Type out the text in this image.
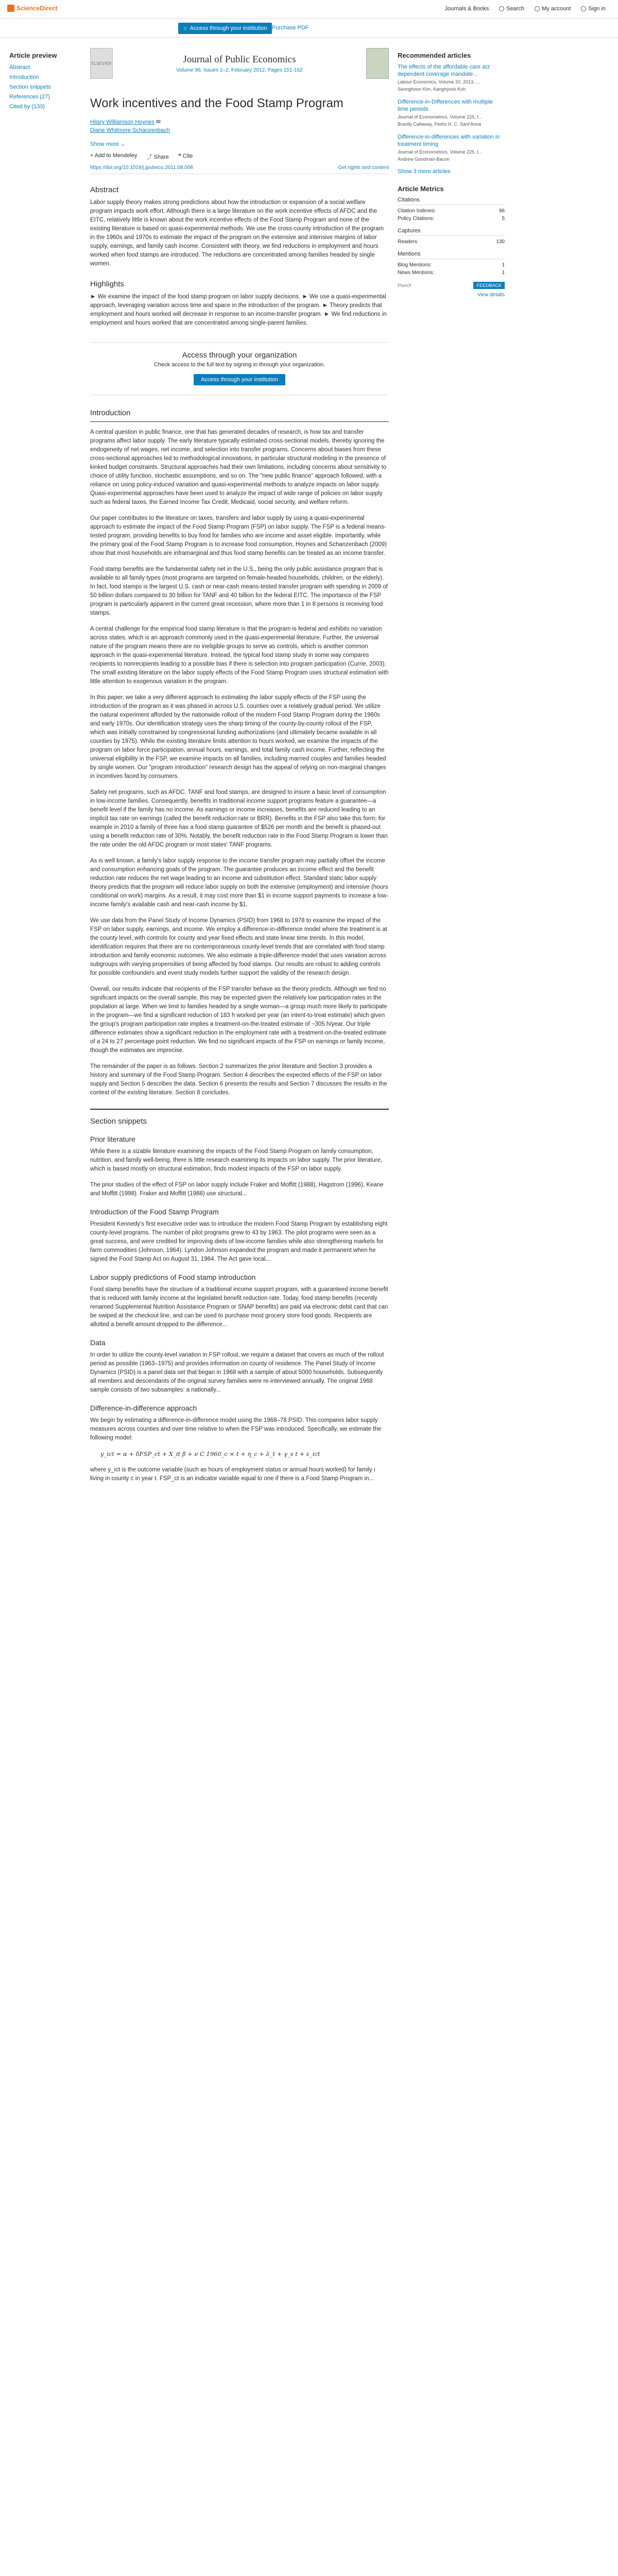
ScienceDirect	Journals & Books	Search	My account	Sign in
⌂ Access through your institution Purchase PDF
Article preview
Abstract
Introduction
Section snippets
References (27)
Cited by (133)
ELSEVIER	Journal of Public Economics
Volume 96, Issues 1–2, February 2012, Pages 151-162
Work incentives and the Food Stamp Program
Hilary Williamson Hoynes ✉
Diane Whitmore Schanzenbach
Show more ⌄
+ Add to Mendeley ⤴ Share ❝ Cite
https://doi.org/10.1016/j.jpubeco.2011.08.006	Get rights and content
Abstract

Labor supply theory makes strong predictions about how the introduction or expansion of a social welfare program impacts work effort. Although there is a large literature on the work incentive effects of AFDC and the EITC, relatively little is known about the work incentive effects of the Food Stamp Program and none of the existing literature is based on quasi-experimental methods. We use the cross-county introduction of the program in the 1960s and 1970s to estimate the impact of the program on the extensive and intensive margins of labor supply, earnings, and family cash income. Consistent with theory, we find reductions in employment and hours worked when food stamps are introduced. The reductions are concentrated among families headed by single women.

Highlights

► We examine the impact of the food stamp program on labor supply decisions. ► We use a quasi-experimental approach, leveraging variation across time and space in the introduction of the program. ► Theory predicts that employment and hours worked will decrease in response to an income-transfer program. ► We find reductions in employment and hours worked that are concentrated among single-parent families.

Access through your organization

Check access to the full text by signing in through your organization.

Access through your institution
Introduction

A central question in public finance, one that has generated decades of research, is how tax and transfer programs affect labor supply. The early literature typically estimated cross-sectional models, thereby ignoring the endogeneity of net wages, net income, and selection into transfer programs. Concerns about biases from these cross-sectional approaches led to methodological innovations, in particular structural modeling in the presence of kinked budget constraints. Structural approaches had their own limitations, including concerns about sensitivity to choice of utility function, stochastic assumptions, and so on. The "new public finance" approach followed, with a reliance on using policy-induced variation and quasi-experimental methods to analyze impacts on labor supply. Quasi-experimental approaches have been used to analyze the impact of wide range of policies on labor supply such as federal taxes, the Earned Income Tax Credit, Medicaid, social security, and welfare reform.

Our paper contributes to the literature on taxes, transfers and labor supply by using a quasi-experimental approach to estimate the impact of the Food Stamp Program (FSP) on labor supply. The FSP is a federal means-tested program, providing benefits to buy food for families who are income and asset eligible. Importantly, while the primary goal of the Food Stamp Program is to increase food consumption, Hoynes and Schanzenbach (2009) show that most households are inframarginal and thus food stamp benefits can be treated as an income transfer.

Food stamp benefits are the fundamental safety net in the U.S., being the only public assistance program that is available to all family types (most programs are targeted on female-headed households, children, or the elderly). In fact, food stamps is the largest U.S. cash or near-cash means-tested transfer program with spending in 2009 of 50 billion dollars compared to 30 billion for TANF and 40 billion for the federal EITC. The importance of the FSP program is particularly apparent in the current great recession, where more than 1 in 8 persons is receiving food stamps.

A central challenge for the empirical food stamp literature is that the program is federal and exhibits no variation across states, which is an approach commonly used in the quasi-experimental literature. Further, the universal nature of the program means there are no ineligible groups to serve as controls, which is another common approach in the quasi-experimental literature. Instead, the typical food stamp study in some way compares recipients to nonrecipients leading to a possible bias if there is selection into program participation (Currie, 2003). The small existing literature on the labor supply effects of the Food Stamp Program uses structural estimation with little attention to exogenous variation in the program.

In this paper, we take a very different approach to estimating the labor supply effects of the FSP using the introduction of the program as it was phased in across U.S. counties over a relatively gradual period. We utilize the natural experiment afforded by the nationwide rollout of the modern Food Stamp Program during the 1960s and early 1970s. Our identification strategy uses the sharp timing of the county-by-county rollout of the FSP, which was initially constrained by congressional funding authorizations (and ultimately became available in all counties by 1975). While the existing literature limits attention to hours worked, we examine the impacts of the program on labor force participation, annual hours, earnings, and total family cash income. Further, reflecting the universal eligibility in the FSP, we examine impacts on all families, including married couples and families headed by single women. Our "program introduction" research design has the appeal of relying on non-marginal changes in incentives faced by consumers.

Safety net programs, such as AFDC, TANF and food stamps, are designed to insure a basic level of consumption in low-income families. Consequently, benefits in traditional income support programs feature a guarantee—a benefit level if the family has no income. As earnings or income increases, benefits are reduced leading to an implicit tax rate on earnings (called the benefit reduction rate or BRR). Benefits in the FSP also take this form; for example in 2010 a family of three has a food stamp guarantee of $526 per month and the benefit is phased-out using a benefit reduction rate of 30%. Notably, the benefit reduction rate in the Food Stamp Program is lower than the rate under the old AFDC program or most states' TANF programs.

As is well known, a family's labor supply response to the income transfer program may partially offset the income and consumption enhancing goals of the program. The guarantee produces an income effect and the benefit reduction rate reduces the net wage leading to an income and substitution effect. Standard static labor supply theory predicts that the program will reduce labor supply on both the extensive (employment) and intensive (hours conditional on work) margins. As a result, it may cost more than $1 in income support payments to increase a low-income family's available cash and near-cash income by $1.

We use data from the Panel Study of Income Dynamics (PSID) from 1968 to 1978 to examine the impact of the FSP on labor supply, earnings, and income. We employ a difference-in-difference model where the treatment is at the county level, with controls for county and year fixed effects and state linear time trends. In this model, identification requires that there are no contemporaneous county-level trends that are correlated with food stamp introduction and family economic outcomes. We also estimate a triple-difference model that uses variation across subgroups with varying propensities of being affected by food stamps. Our results are robust to adding controls for possible confounders and event study models further support the validity of the research design.

Overall, our results indicate that recipients of the FSP transfer behave as the theory predicts. Although we find no significant impacts on the overall sample, this may be expected given the relatively low participation rates in the population at large. When we limit to families headed by a single woman—a group much more likely to participate in the program—we find a significant reduction of 183 h worked per year (an intent-to-treat estimate) which given the group's program participation rate implies a treatment-on-the-treated estimate of −305 h/year. Our triple difference estimates show a significant reduction in the employment rate with a treatment-on-the-treated estimate of a 24 to 27 percentage point reduction. We find no significant impacts of the FSP on earnings or family income, though the estimates are imprecise.

The remainder of the paper is as follows. Section 2 summarizes the prior literature and Section 3 provides a history and summary of the Food Stamp Program. Section 4 describes the expected effects of the FSP on labor supply and Section 5 describes the data. Section 6 presents the results and Section 7 discusses the results in the context of the existing literature. Section 8 concludes.

Section snippets
Prior literature

While there is a sizable literature examining the impacts of the Food Stamp Program on family consumption, nutrition, and family well-being, there is little research examining its impacts on labor supply. The prior literature, which is based mostly on structural estimation, finds modest impacts of the FSP on labor supply.

The prior studies of the effect of FSP on labor supply include Fraker and Moffitt (1988), Hagstrom (1996), Keane and Moffitt (1998). Fraker and Moffitt (1988) use structural...

Introduction of the Food Stamp Program

President Kennedy's first executive order was to introduce the modern Food Stamp Program by establishing eight county-level programs. The number of pilot programs grew to 43 by 1963. The pilot programs were seen as a great success, and were credited for improving diets of low-income families while also strengthening markets for farm commodities (Johnson, 1964). Lyndon Johnson expanded the program and made it permanent when he signed the Food Stamp Act on August 31, 1964. The Act gave local...

Labor supply predictions of Food stamp introduction

Food stamp benefits have the structure of a traditional income support program, with a guaranteed income benefit that is reduced with family income at the legislated benefit reduction rate. Today, food stamp benefits (recently renamed Supplemental Nutrition Assistance Program or SNAP benefits) are paid via electronic debit card that can be swiped at the checkout line, and can be used to purchase most grocery store food goods. Recipients are allotted a benefit amount dropped to the difference...

Data

In order to utilize the county-level variation in FSP rollout, we require a dataset that covers as much of the rollout period as possible (1963–1975) and provides information on county of residence. The Panel Study of Income Dynamics (PSID) is a panel data set that began in 1968 with a sample of about 5000 households. Subsequently all members and descendants of the original survey families were re-interviewed annually. The original 1968 sample consists of two subsamples: a nationally...

Difference-in-difference approach

We begin by estimating a difference-in-difference model using the 1968–78 PSID. This compares labor supply measures across counties and over time relative to when the FSP was introduced. Specifically, we estimate the following model:

y_ict = α + δFSP_ct + X_it β + ν C 1960_c × t + η_c + λ_t + γ_s t + ε_ict

where y_ict is the outcome variable (such as hours of employment status or annual hours worked) for family i living in county c in year t. FSP_ct is an indicator variable equal to one if there is a Food Stamp Program in...

Recommended articles
The effects of the affordable care act dependent coverage mandate...
Labour Economics, Volume 20, 2013, ...
Seonghoon Kim, Kanghyock Koh
Difference-in-Differences with multiple time periods
Journal of Econometrics, Volume 225, I...
Brantly Callaway, Pedro H. C. Sant'Anna
Difference-in-differences with variation in treatment timing
Journal of Econometrics, Volume 225, I...
Andrew Goodman-Bacon
Show 3 more articles
Article Metrics
Citations
Citation Indexes:	96
Policy Citations:	5
Captures
Readers:	130
Mentions
Blog Mentions:	1
News Mentions:	1
PlumX	FEEDBACK
View details
